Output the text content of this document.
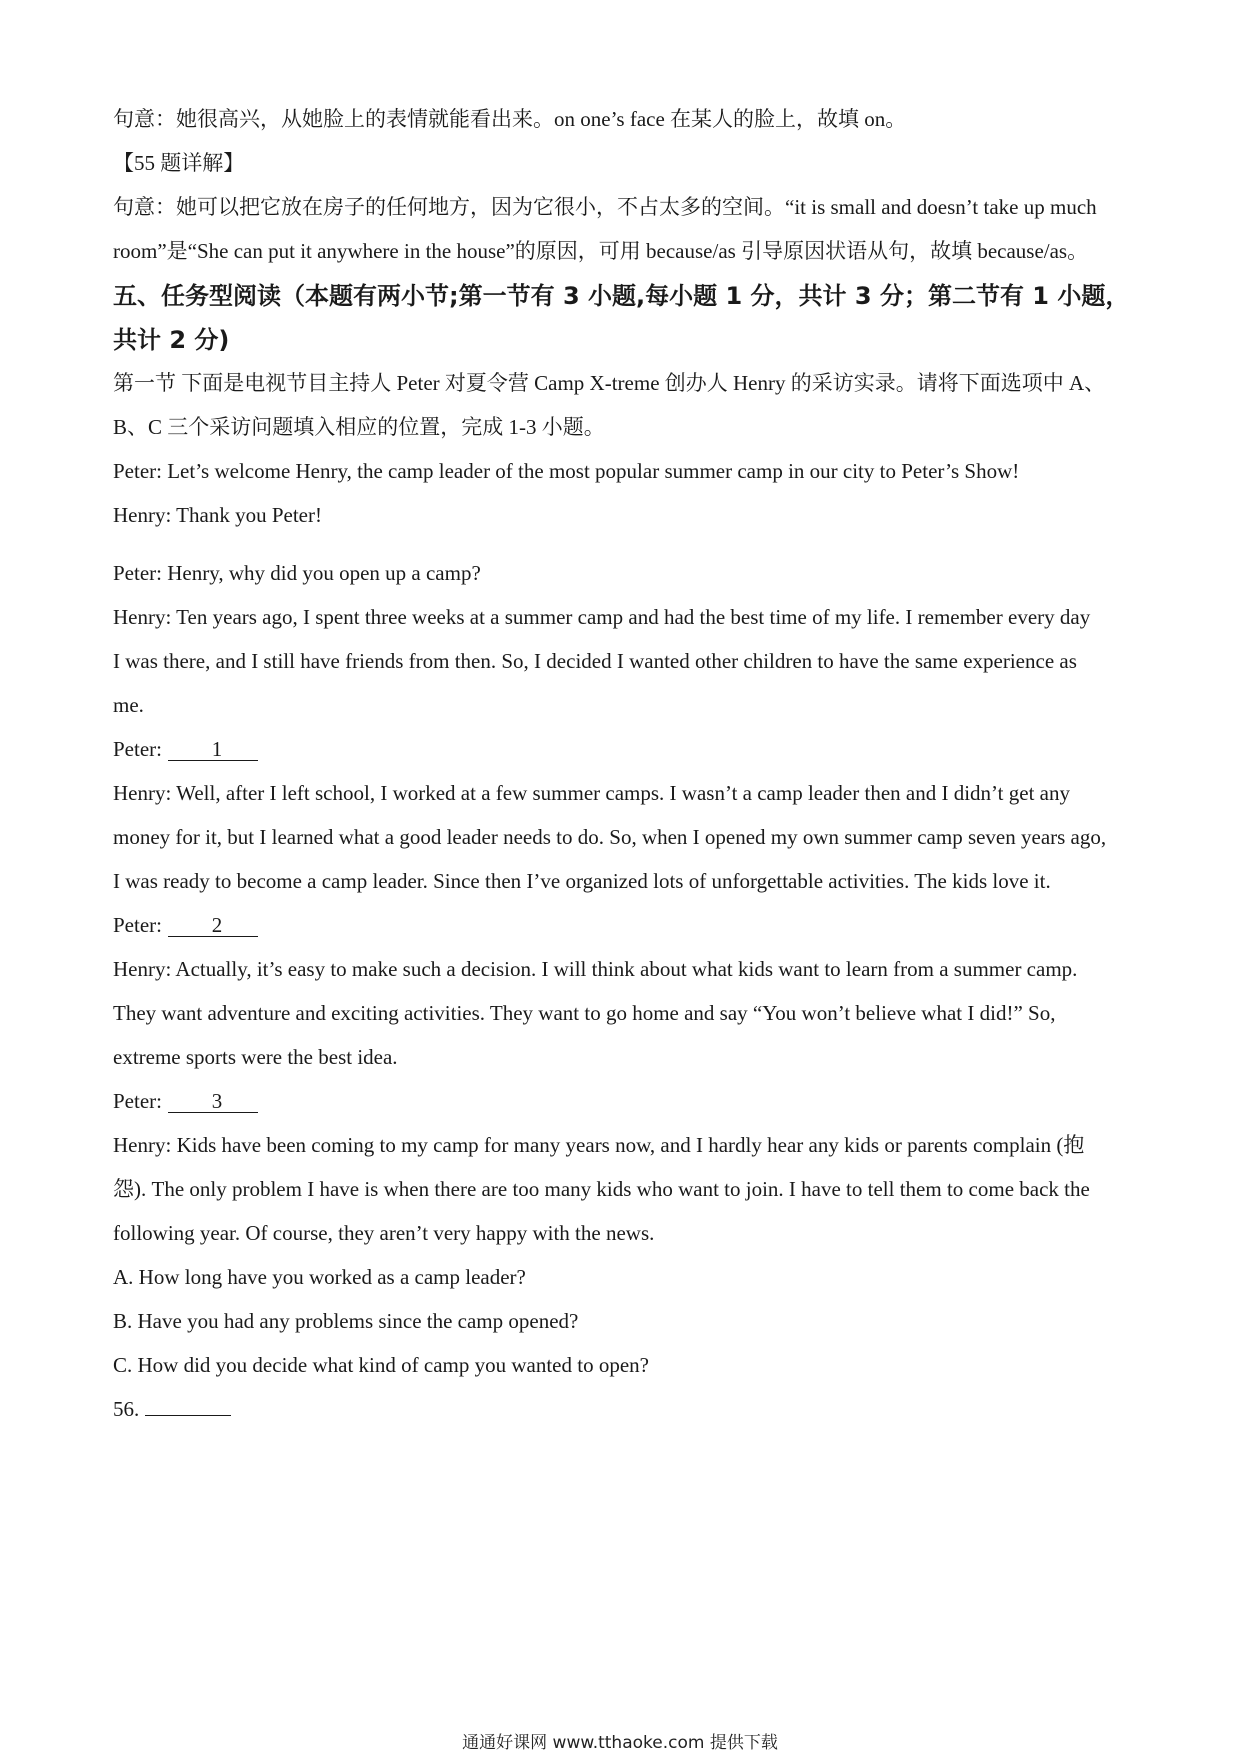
句意：她很高兴，从她脸上的表情就能看出来。on one’s face 在某人的脸上，故填 on。
【55 题详解】
句意：她可以把它放在房子的任何地方，因为它很小，不占太多的空间。“it is small and doesn’t take up much
room”是“She can put it anywhere in the house”的原因，可用 because/as 引导原因状语从句，故填 because/as。
五、任务型阅读（本题有两小节;第一节有 3 小题,每小题 1 分，共计 3 分；第二节有 1 小题，
共计 2 分)
第一节 下面是电视节目主持人 Peter 对夏令营 Camp X-treme 创办人 Henry 的采访实录。请将下面选项中 A、
B、C 三个采访问题填入相应的位置，完成 1-3 小题。
Peter: Let’s welcome Henry, the camp leader of the most popular summer camp in our city to Peter’s Show!
Henry: Thank you Peter!
Peter: Henry, why did you open up a camp?
Henry: Ten years ago, I spent three weeks at a summer camp and had the best time of my life. I remember every day
I was there, and I still have friends from then. So, I decided I wanted other children to have the same experience as
me.
Peter: 1
Henry: Well, after I left school, I worked at a few summer camps. I wasn’t a camp leader then and I didn’t get any
money for it, but I learned what a good leader needs to do. So, when I opened my own summer camp seven years ago,
I was ready to become a camp leader. Since then I’ve organized lots of unforgettable activities. The kids love it.
Peter: 2
Henry: Actually, it’s easy to make such a decision. I will think about what kids want to learn from a summer camp.
They want adventure and exciting activities. They want to go home and say “You won’t believe what I did!” So,
extreme sports were the best idea.
Peter: 3
Henry: Kids have been coming to my camp for many years now, and I hardly hear any kids or parents complain (抱
怨). The only problem I have is when there are too many kids who want to join. I have to tell them to come back the
following year. Of course, they aren’t very happy with the news.
A. How long have you worked as a camp leader?
B. Have you had any problems since the camp opened?
C. How did you decide what kind of camp you wanted to open?
56.
通通好课网 www.tthaoke.com 提供下载
